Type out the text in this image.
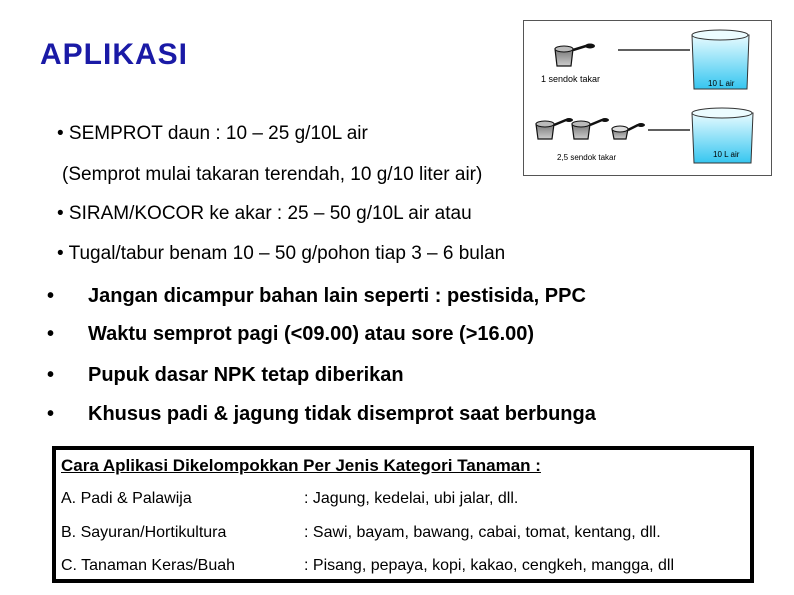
APLIKASI
1 sendok takar	10 L air
2,5 sendok takar	10 L air
• SEMPROT daun : 10 – 25 g/10L air
(Semprot mulai takaran terendah, 10 g/10 liter air)
• SIRAM/KOCOR ke akar : 25 – 50 g/10L air atau
• Tugal/tabur benam 10 – 50 g/pohon tiap 3 – 6 bulan
• Jangan dicampur bahan lain seperti : pestisida, PPC
• Waktu semprot pagi (<09.00) atau sore (>16.00)
• Pupuk dasar NPK tetap diberikan
• Khusus padi & jagung tidak disemprot saat berbunga
Cara Aplikasi Dikelompokkan Per Jenis Kategori Tanaman :
A. Padi & Palawija	: Jagung, kedelai, ubi jalar, dll.
B. Sayuran/Hortikultura	: Sawi, bayam, bawang, cabai, tomat, kentang, dll.
C. Tanaman Keras/Buah	: Pisang, pepaya, kopi, kakao, cengkeh, mangga, dll
